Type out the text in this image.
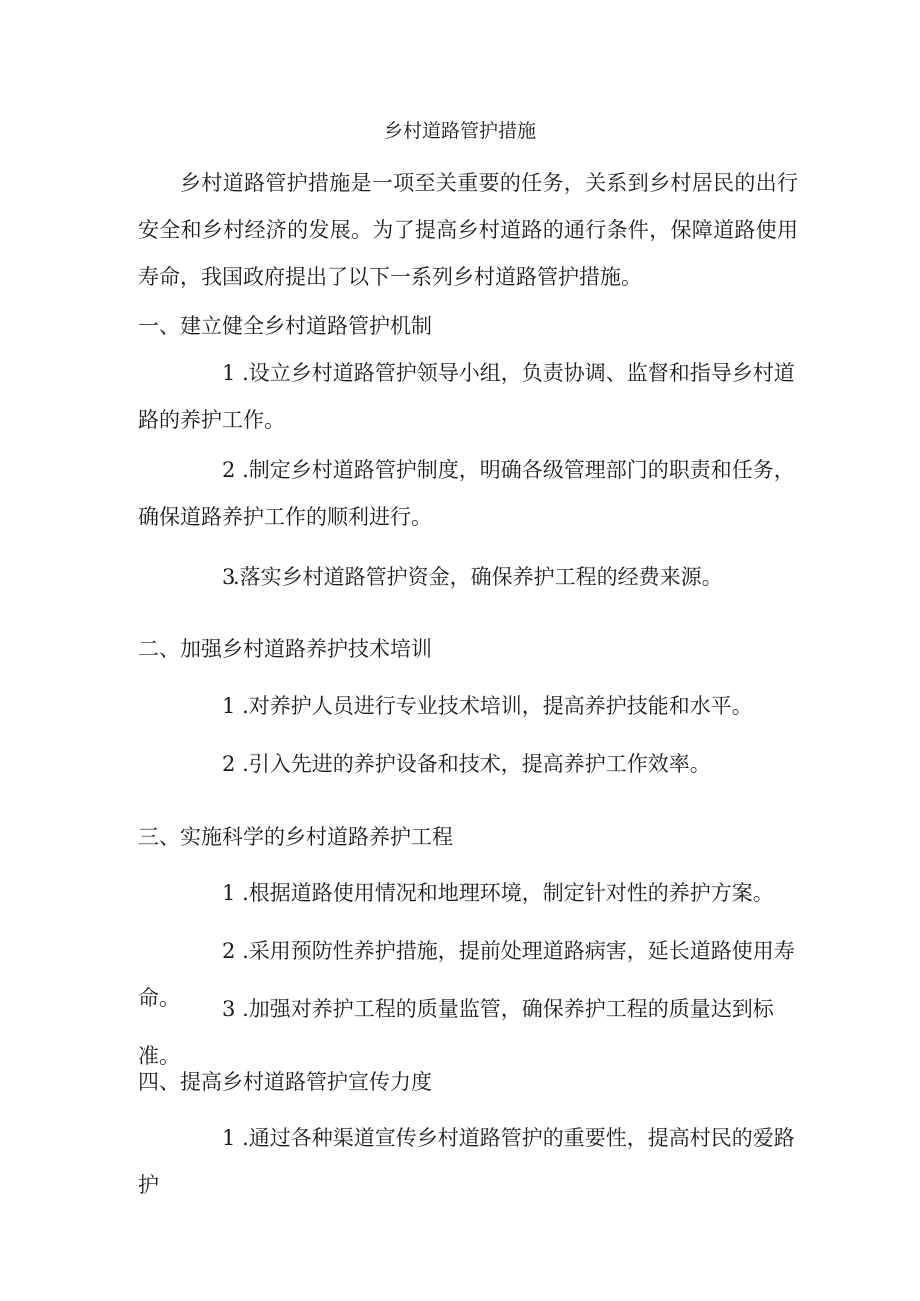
乡村道路管护措施

乡村道路管护措施是一项至关重要的任务，关系到乡村居民的出行安全和乡村经济的发展。为了提高乡村道路的通行条件，保障道路使用寿命，我国政府提出了以下一系列乡村道路管护措施。

一、建立健全乡村道路管护机制

1 .设立乡村道路管护领导小组，负责协调、监督和指导乡村道路的养护工作。

2 .制定乡村道路管护制度，明确各级管理部门的职责和任务，确保道路养护工作的顺利进行。

3.落实乡村道路管护资金，确保养护工程的经费来源。

二、加强乡村道路养护技术培训

1 .对养护人员进行专业技术培训，提高养护技能和水平。

2 .引入先进的养护设备和技术，提高养护工作效率。

三、实施科学的乡村道路养护工程

1 .根据道路使用情况和地理环境，制定针对性的养护方案。

2 .采用预防性养护措施，提前处理道路病害，延长道路使用寿命。	3 .加强对养护工程的质量监管，确保养护工程的质量达到标准。

四、提高乡村道路管护宣传力度

1 .通过各种渠道宣传乡村道路管护的重要性，提高村民的爱路护
